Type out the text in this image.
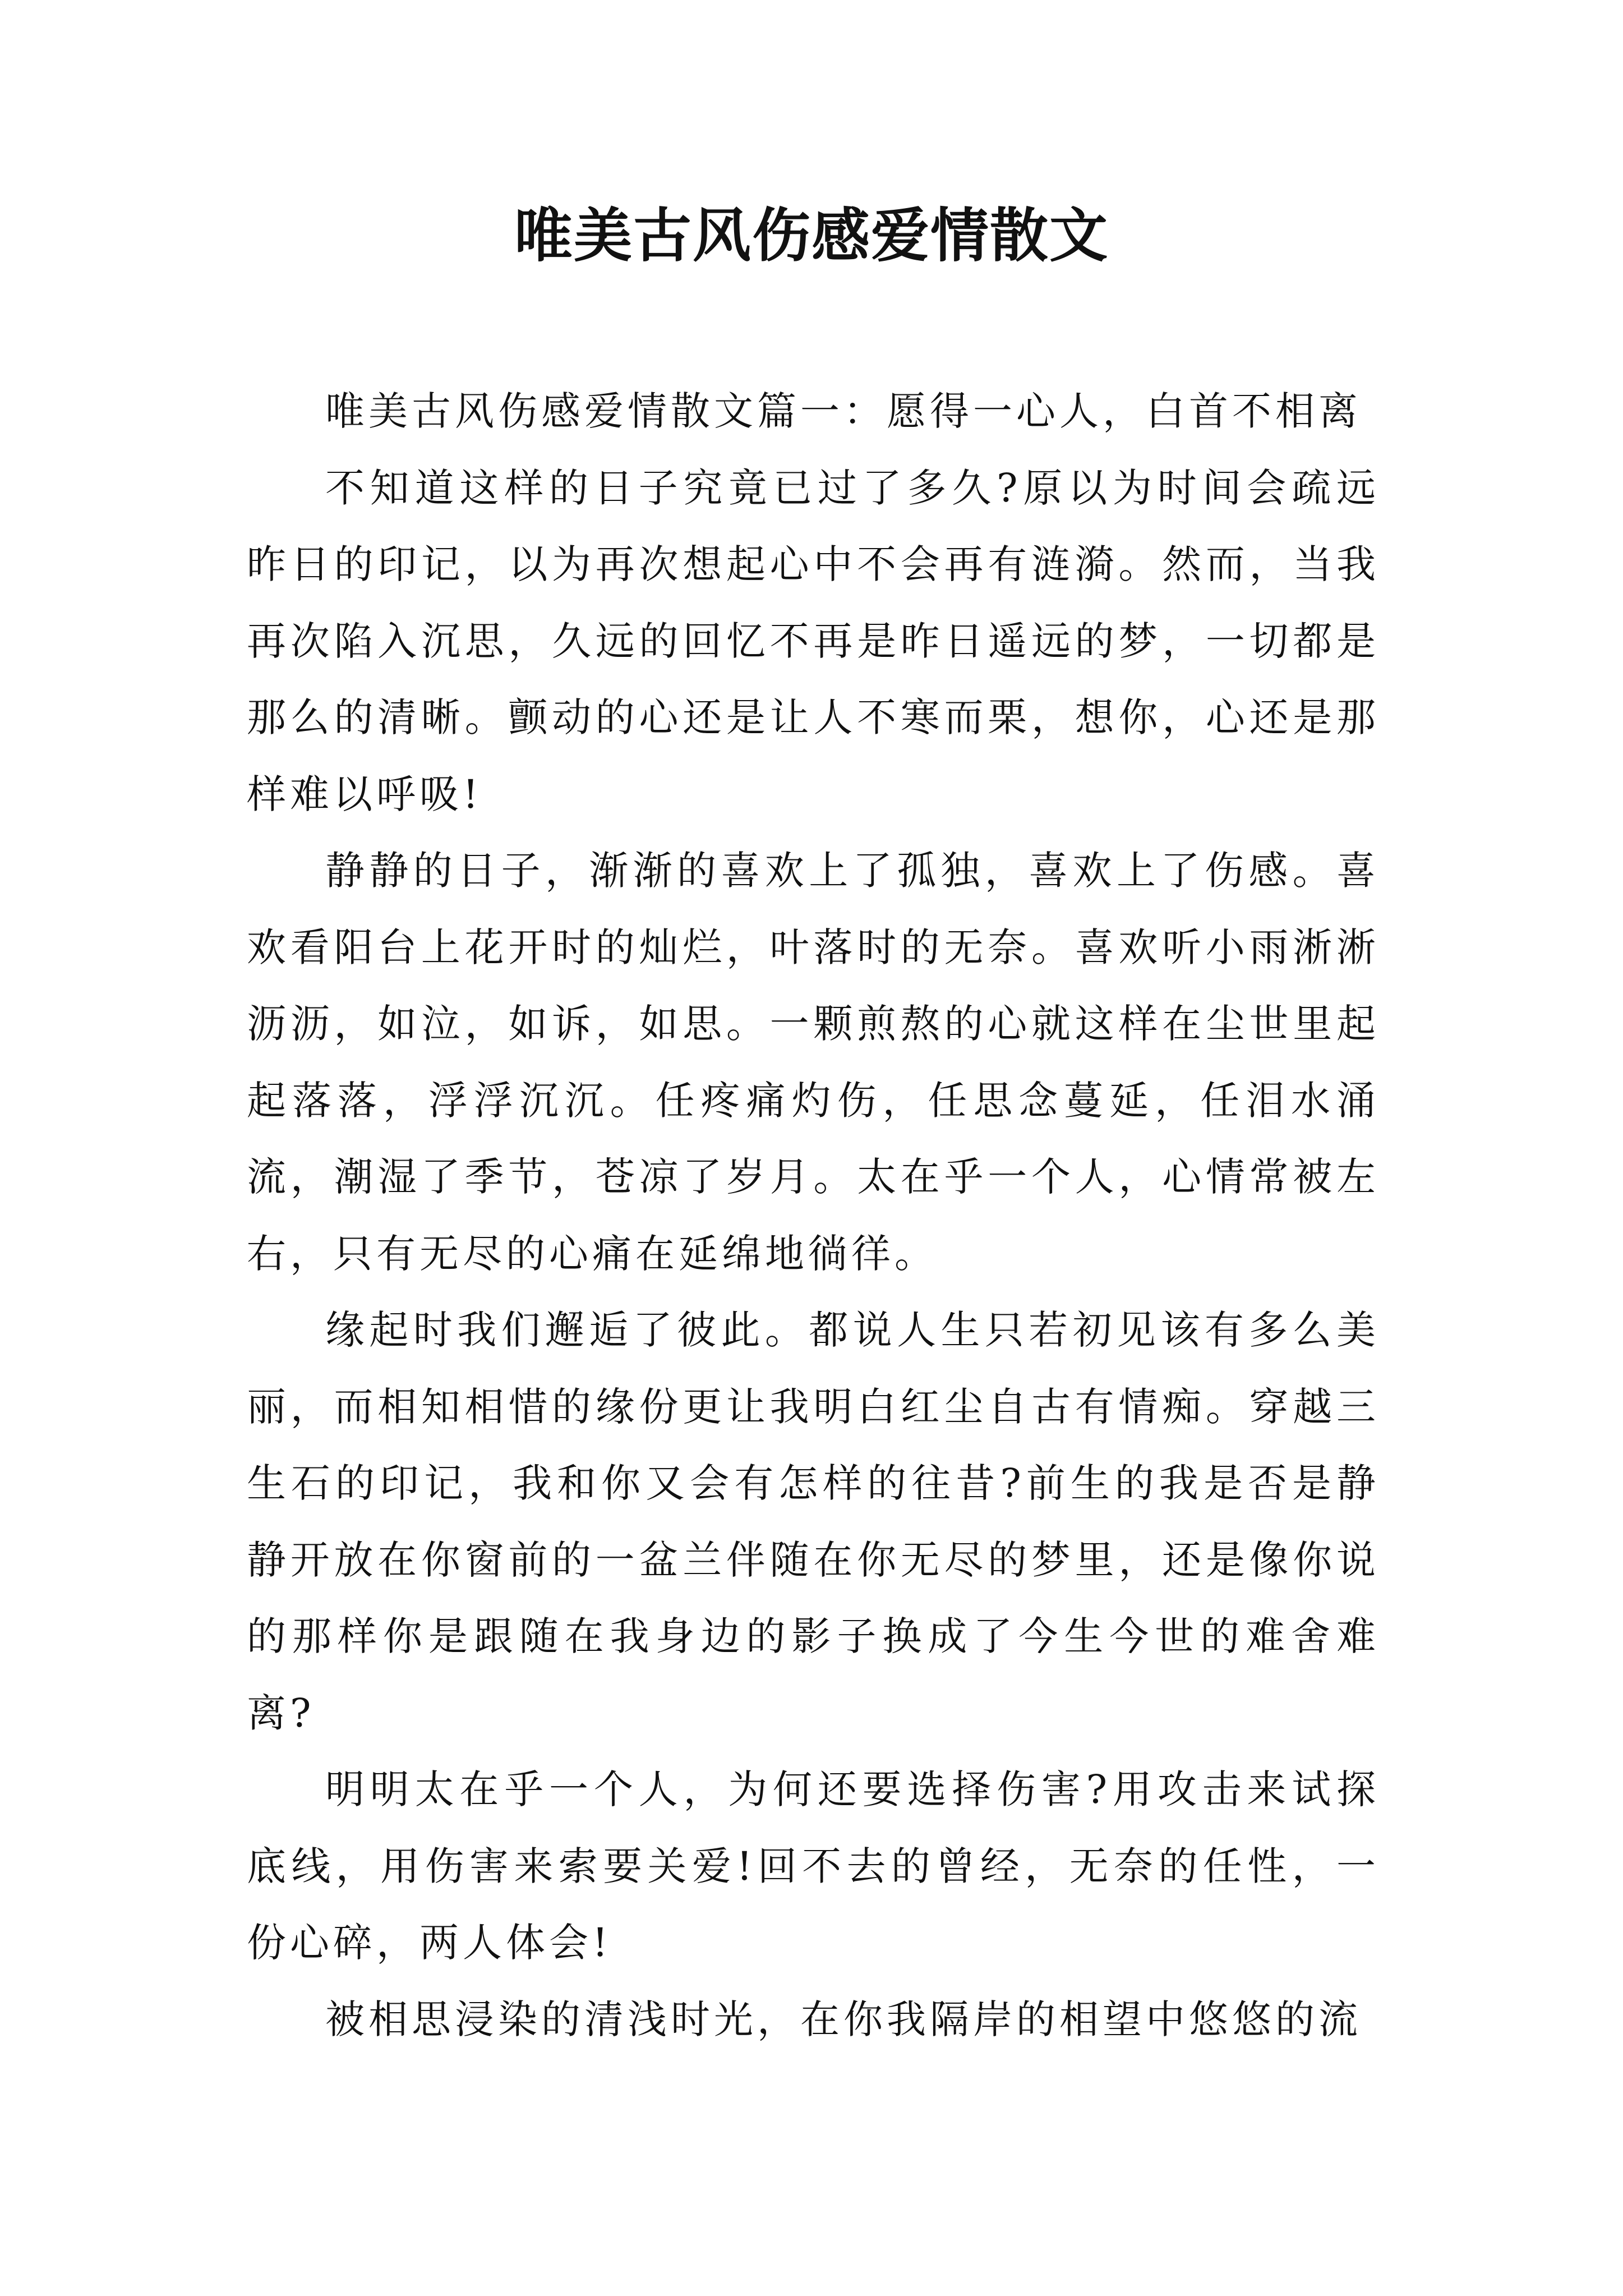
唯美古风伤感爱情散文

唯美古风伤感爱情散文篇一：愿得一心人，白首不相离

不知道这样的日子究竟已过了多久?原以为时间会疏远昨日的印记，以为再次想起心中不会再有涟漪。然而，当我再次陷入沉思，久远的回忆不再是昨日遥远的梦，一切都是那么的清晰。颤动的心还是让人不寒而栗，想你，心还是那样难以呼吸!

静静的日子，渐渐的喜欢上了孤独，喜欢上了伤感。喜欢看阳台上花开时的灿烂，叶落时的无奈。喜欢听小雨淅淅沥沥，如泣，如诉，如思。一颗煎熬的心就这样在尘世里起起落落，浮浮沉沉。任疼痛灼伤，任思念蔓延，任泪水涌流，潮湿了季节，苍凉了岁月。太在乎一个人，心情常被左右，只有无尽的心痛在延绵地徜徉。

缘起时我们邂逅了彼此。都说人生只若初见该有多么美丽，而相知相惜的缘份更让我明白红尘自古有情痴。穿越三生石的印记，我和你又会有怎样的往昔?前生的我是否是静静开放在你窗前的一盆兰伴随在你无尽的梦里，还是像你说的那样你是跟随在我身边的影子换成了今生今世的难舍难离?

明明太在乎一个人，为何还要选择伤害?用攻击来试探底线，用伤害来索要关爱!回不去的曾经，无奈的任性，一份心碎，两人体会!

被相思浸染的清浅时光，在你我隔岸的相望中悠悠的流
